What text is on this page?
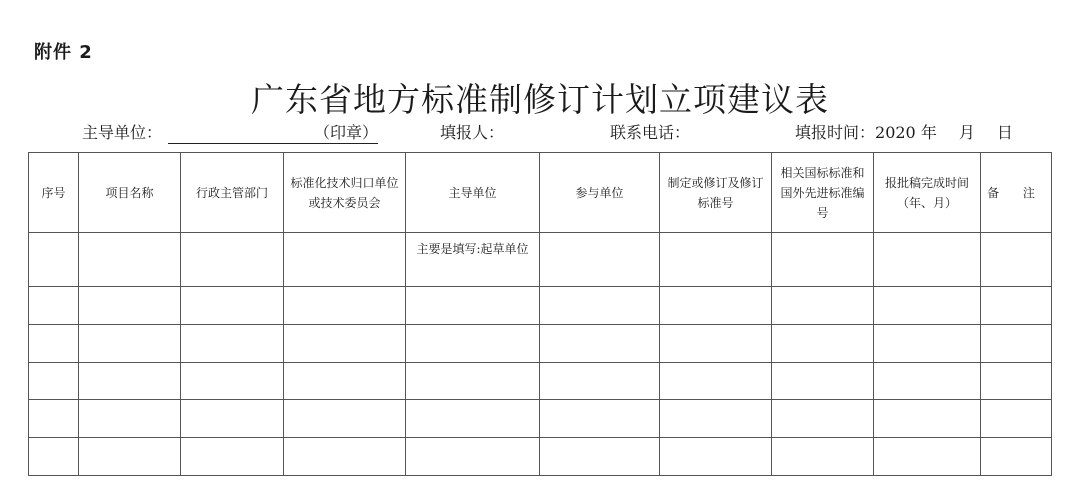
附件 2
广东省地方标准制修订计划立项建议表
主导单位：	（印章）	填报人：	联系电话：	填报时间：2020 年 月 日
序号	项目名称	行政主管部门	标准化技术归口单位或技术委员会	主导单位	参与单位	制定或修订及修订标准号	相关国标标准和国外先进标准编号	报批稿完成时间（年、月）	备 注
				主要是填写:起草单位					
